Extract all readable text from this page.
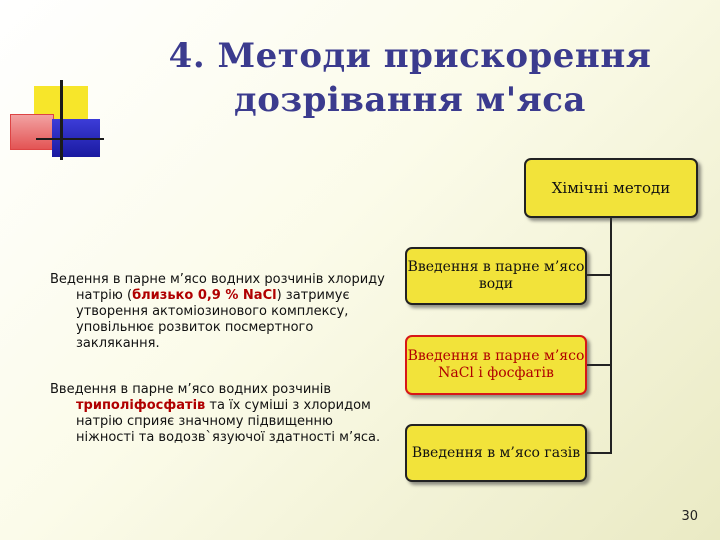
4. Методи прискорення
дозрівання м'яса
Хімічні методи
Введення в парне м’ясо води
Введення в парне м’ясо NaCl і фосфатів
Введення в м’ясо газів

Ведення в парне м’ясо водних розчинів хлориду натрію (близько 0,9 % NaCl) затримує утворення актоміозинового комплексу, уповільнює розвиток посмертного заклякання.

Введення в парне м’ясо водних розчинів триполіфосфатів та їх суміші з хлоридом натрію сприяє значному підвищенню ніжності та водозв`язуючої здатності м’яса.

30
